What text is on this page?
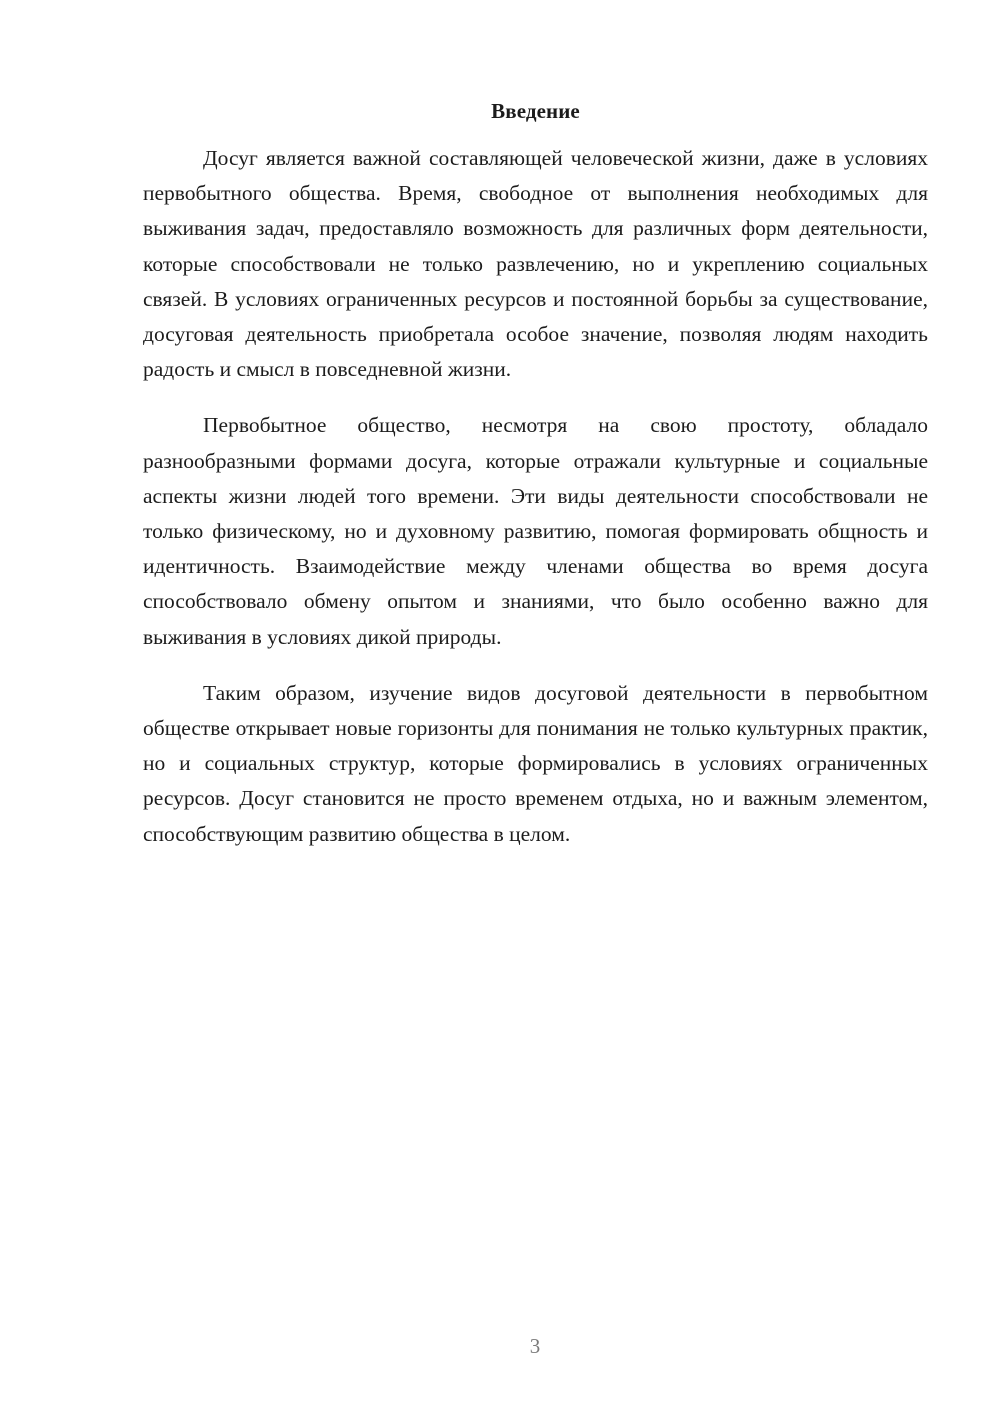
Введение

Досуг является важной составляющей человеческой жизни, даже в условиях первобытного общества. Время, свободное от выполнения необходимых для выживания задач, предоставляло возможность для различных форм деятельности, которые способствовали не только развлечению, но и укреплению социальных связей. В условиях ограниченных ресурсов и постоянной борьбы за существование, досуговая деятельность приобретала особое значение, позволяя людям находить радость и смысл в повседневной жизни.

Первобытное общество, несмотря на свою простоту, обладало разнообразными формами досуга, которые отражали культурные и социальные аспекты жизни людей того времени. Эти виды деятельности способствовали не только физическому, но и духовному развитию, помогая формировать общность и идентичность. Взаимодействие между членами общества во время досуга способствовало обмену опытом и знаниями, что было особенно важно для выживания в условиях дикой природы.

Таким образом, изучение видов досуговой деятельности в первобытном обществе открывает новые горизонты для понимания не только культурных практик, но и социальных структур, которые формировались в условиях ограниченных ресурсов. Досуг становится не просто временем отдыха, но и важным элементом, способствующим развитию общества в целом.

3
